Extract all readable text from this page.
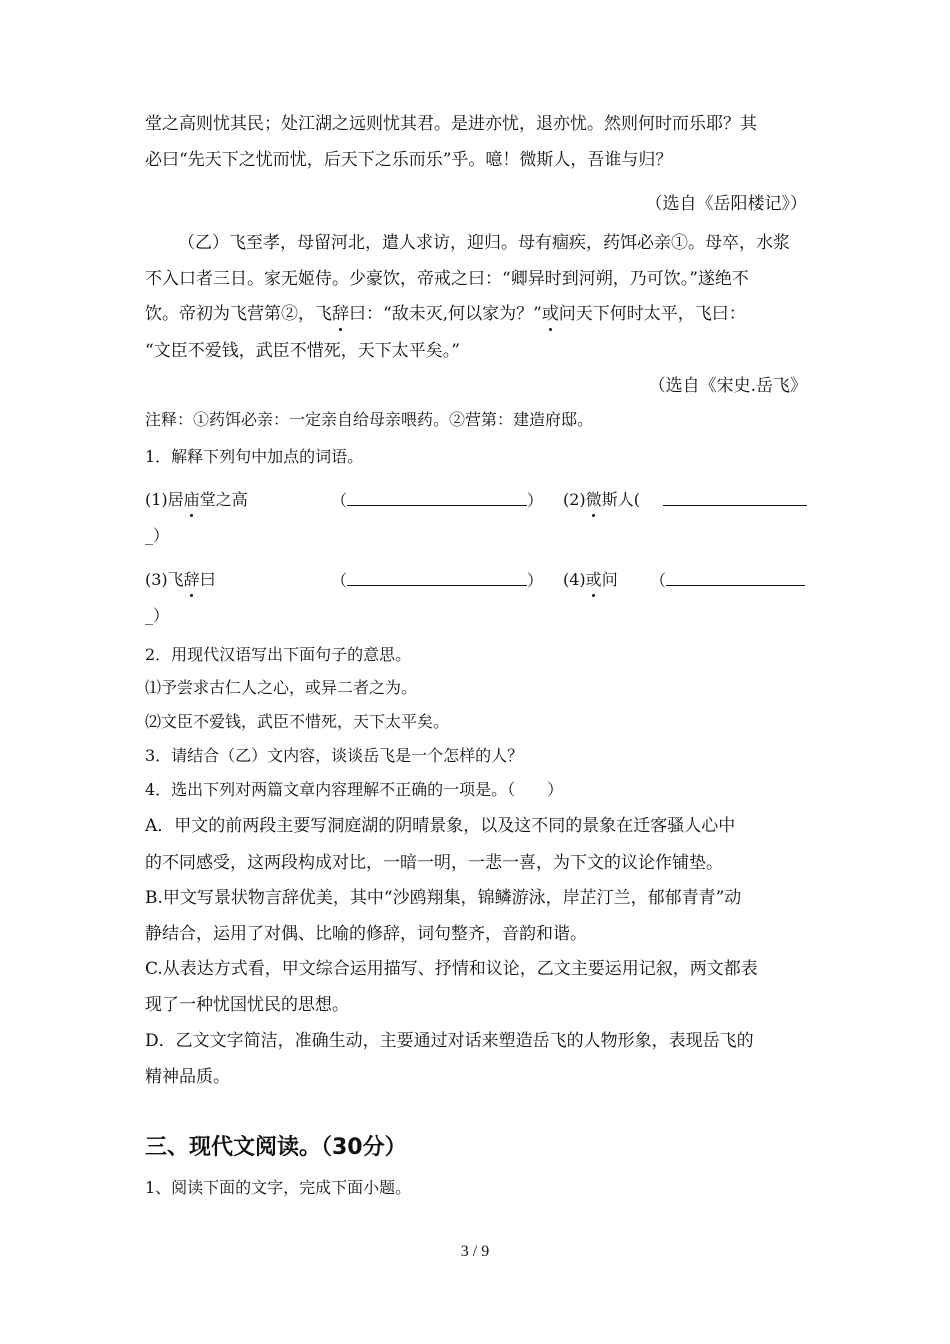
堂之高则忧其民；处江湖之远则忧其君。是进亦忧，退亦忧。然则何时而乐耶？其
必曰“先天下之忧而忧，后天下之乐而乐”乎。噫！微斯人，吾谁与归？
（选自《岳阳楼记》）
（乙）飞至孝，母留河北，遣人求访，迎归。母有痼疾，药饵必亲①。母卒，水浆
不入口者三日。家无姬侍。少豪饮，帝戒之曰：“卿异时到河朔，乃可饮。”遂绝不
饮。帝初为飞营第②，飞辞曰：“敌未灭,何以家为？”或问天下何时太平，飞曰：
“文臣不爱钱，武臣不惜死，天下太平矣。”
（选自《宋史.岳飞》
注释：①药饵必亲：一定亲自给母亲喂药。②营第：建造府邸。
1．解释下列句中加点的词语。
(1)居庙堂之高	（	） (2)微斯人(
_）
(3)飞辞曰	（	） (4)或问 （
_）
2．用现代汉语写出下面句子的意思。
⑴予尝求古仁人之心，或异二者之为。
⑵文臣不爱钱，武臣不惜死，天下太平矣。
3．请结合（乙）文内容，谈谈岳飞是一个怎样的人？
4．选出下列对两篇文章内容理解不正确的一项是。（　　）
A．甲文的前两段主要写洞庭湖的阴晴景象，以及这不同的景象在迁客骚人心中
的不同感受，这两段构成对比，一暗一明，一悲一喜，为下文的议论作铺垫。
B.甲文写景状物言辞优美，其中“沙鸥翔集，锦鳞游泳，岸芷汀兰，郁郁青青”动
静结合，运用了对偶、比喻的修辞，词句整齐，音韵和谐。
C.从表达方式看，甲文综合运用描写、抒情和议论，乙文主要运用记叙，两文都表
现了一种忧国忧民的思想。
D．乙文文字简洁，准确生动，主要通过对话来塑造岳飞的人物形象，表现岳飞的
精神品质。
三、现代文阅读。（30分）
1、阅读下面的文字，完成下面小题。
3 / 9
